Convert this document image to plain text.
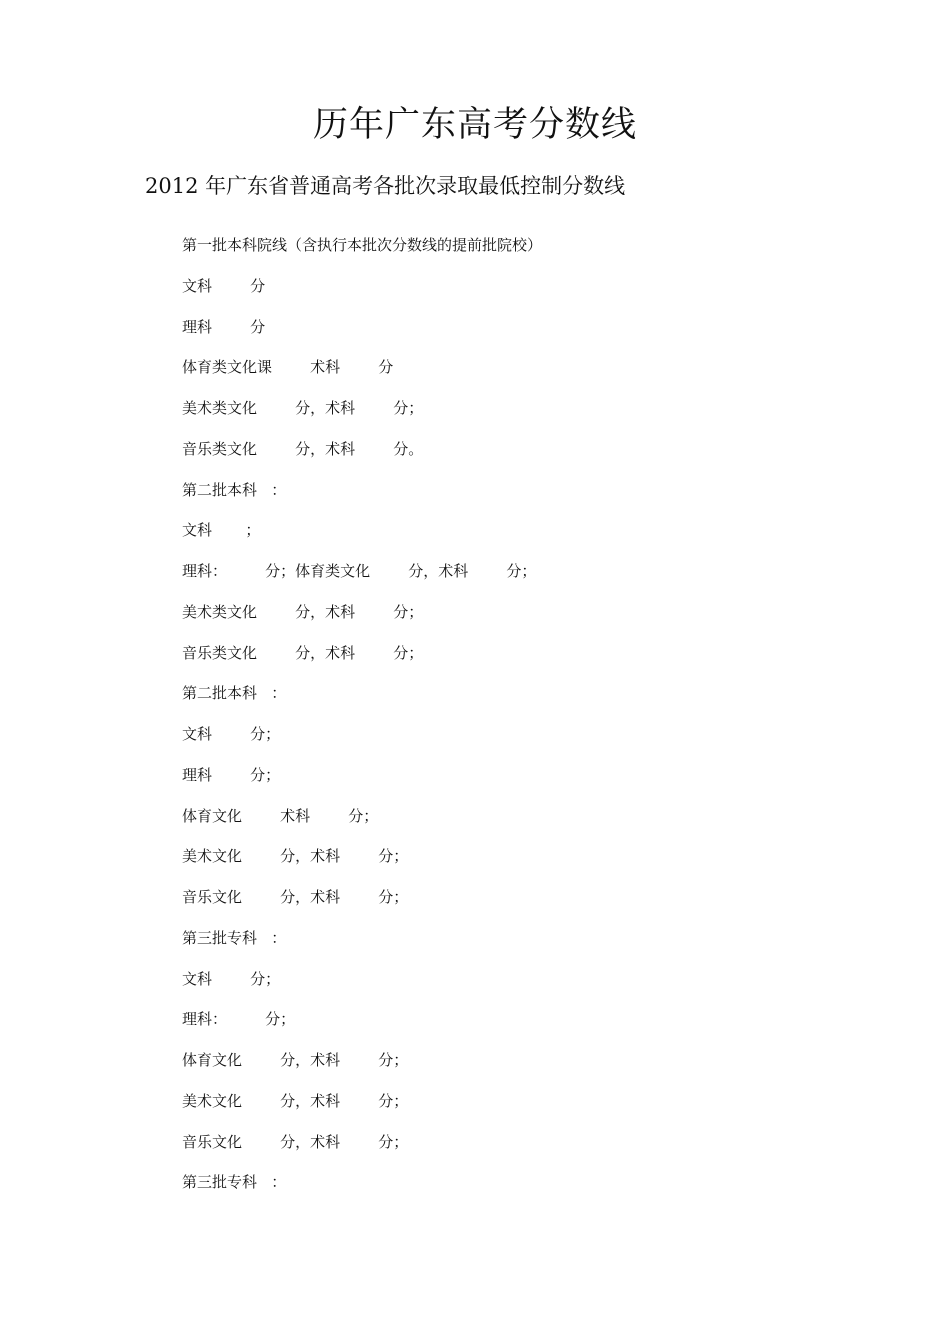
历年广东高考分数线
2012 年广东省普通高考各批次录取最低控制分数线
第一批本科院线（含执行本批次分数线的提前批院校）
文科        分
理科        分
体育类文化课        术科        分
美术类文化        分，术科        分；
音乐类文化        分，术科        分。
第二批本科   ：
文科       ；
理科：        分；体育类文化        分，术科        分；
美术类文化        分，术科        分；
音乐类文化        分，术科        分；
第二批本科   ：
文科        分；
理科        分；
体育文化        术科        分；
美术文化        分，术科        分；
音乐文化        分，术科        分；
第三批专科   ：
文科        分；
理科：        分；
体育文化        分，术科        分；
美术文化        分，术科        分；
音乐文化        分，术科        分；
第三批专科   ：
